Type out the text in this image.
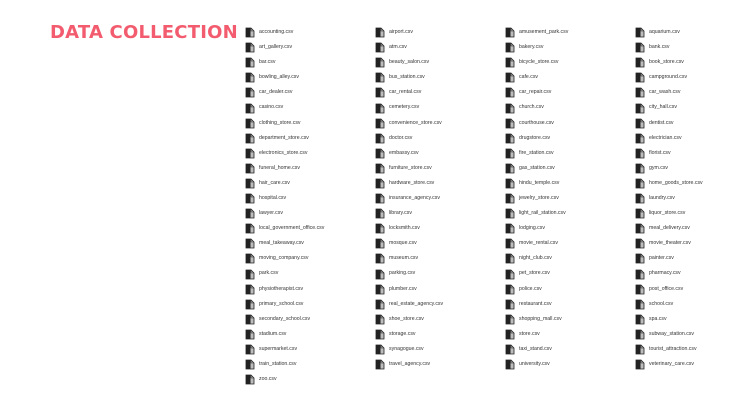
DATA COLLECTION	accounting.csv
art_gallery.csv
bar.csv
bowling_alley.csv
car_dealer.csv
casino.csv
clothing_store.csv
department_store.csv
electronics_store.csv
funeral_home.csv
hair_care.csv
hospital.csv
lawyer.csv
local_government_office.csv
meal_takeaway.csv
moving_company.csv
park.csv
physiotherapist.csv
primary_school.csv
secondary_school.csv
stadium.csv
supermarket.csv
train_station.csv
zoo.csv
airport.csv
atm.csv
beauty_salon.csv
bus_station.csv
car_rental.csv
cemetery.csv
convenience_store.csv
doctor.csv
embassy.csv
furniture_store.csv
hardware_store.csv
insurance_agency.csv
library.csv
locksmith.csv
mosque.csv
museum.csv
parking.csv
plumber.csv
real_estate_agency.csv
shoe_store.csv
storage.csv
synagogue.csv
travel_agency.csv
amusement_park.csv
bakery.csv
bicycle_store.csv
cafe.csv
car_repair.csv
church.csv
courthouse.csv
drugstore.csv
fire_station.csv
gas_station.csv
hindu_temple.csv
jewelry_store.csv
light_rail_station.csv
lodging.csv
movie_rental.csv
night_club.csv
pet_store.csv
police.csv
restaurant.csv
shopping_mall.csv
store.csv
taxi_stand.csv
university.csv
aquarium.csv
bank.csv
book_store.csv
campground.csv
car_wash.csv
city_hall.csv
dentist.csv
electrician.csv
florist.csv
gym.csv
home_goods_store.csv
laundry.csv
liquor_store.csv
meal_delivery.csv
movie_theater.csv
painter.csv
pharmacy.csv
post_office.csv
school.csv
spa.csv
subway_station.csv
tourist_attraction.csv
veterinary_care.csv
